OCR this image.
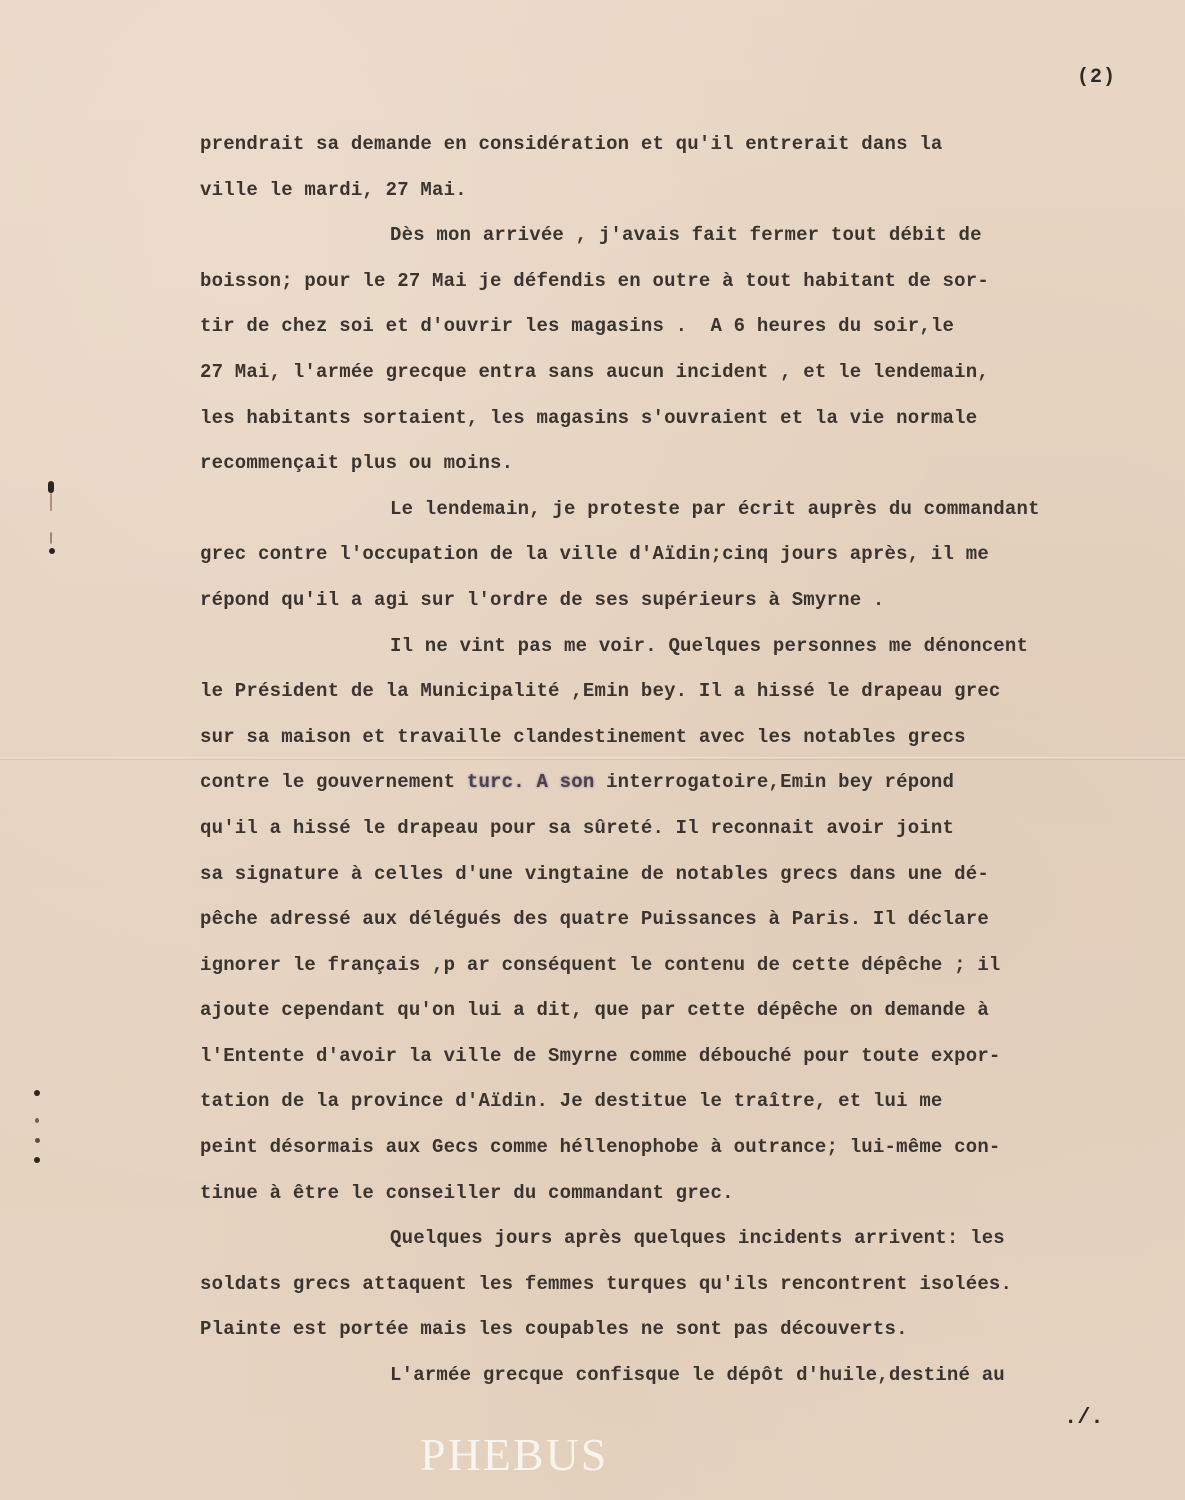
(2)
prendrait sa demande en considération et qu'il entrerait dans la
ville le mardi, 27 Mai.
Dès mon arrivée , j'avais fait fermer tout débit de
boisson; pour le 27 Mai je défendis en outre à tout habitant de sor-
tir de chez soi et d'ouvrir les magasins .  A 6 heures du soir,le
27 Mai, l'armée grecque entra sans aucun incident , et le lendemain,
les habitants sortaient, les magasins s'ouvraient et la vie normale
recommençait plus ou moins.
Le lendemain, je proteste par écrit auprès du commandant
grec contre l'occupation de la ville d'Aïdin;cinq jours après, il me
répond qu'il a agi sur l'ordre de ses supérieurs à Smyrne .
Il ne vint pas me voir. Quelques personnes me dénoncent
le Président de la Municipalité ,Emin bey. Il a hissé le drapeau grec
sur sa maison et travaille clandestinement avec les notables grecs
contre le gouvernement turc. A son interrogatoire,Emin bey répond
qu'il a hissé le drapeau pour sa sûreté. Il reconnait avoir joint
sa signature à celles d'une vingtaine de notables grecs dans une dé-
pêche adressé aux délégués des quatre Puissances à Paris. Il déclare
ignorer le français ,p ar conséquent le contenu de cette dépêche ; il
ajoute cependant qu'on lui a dit, que par cette dépêche on demande à
l'Entente d'avoir la ville de Smyrne comme débouché pour toute expor-
tation de la province d'Aïdin. Je destitue le traître, et lui me
peint désormais aux Gecs comme héllenophobe à outrance; lui-même con-
tinue à être le conseiller du commandant grec.
Quelques jours après quelques incidents arrivent: les
soldats grecs attaquent les femmes turques qu'ils rencontrent isolées.
Plainte est portée mais les coupables ne sont pas découverts.
L'armée grecque confisque le dépôt d'huile,destiné au
./.
PHEBUS
